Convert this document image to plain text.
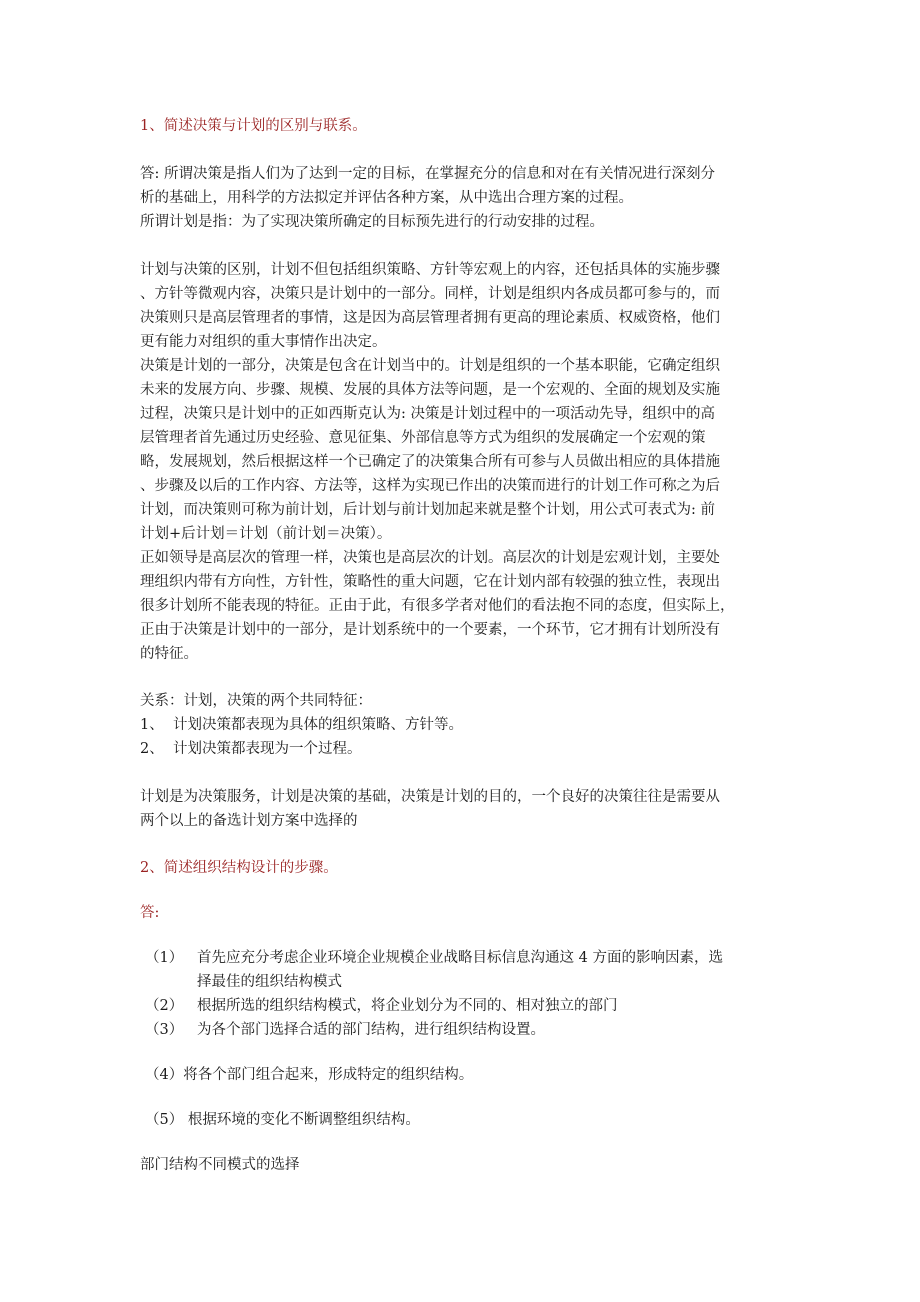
1、简述决策与计划的区别与联系。

答: 所谓决策是指人们为了达到一定的目标，在掌握充分的信息和对在有关情况进行深刻分
析的基础上，用科学的方法拟定并评估各种方案，从中选出合理方案的过程。
所谓计划是指：为了实现决策所确定的目标预先进行的行动安排的过程。
计划与决策的区别，计划不但包括组织策略、方针等宏观上的内容，还包括具体的实施步骤
、方针等微观内容，决策只是计划中的一部分。同样，计划是组织内各成员都可参与的，而
决策则只是高层管理者的事情，这是因为高层管理者拥有更高的理论素质、权威资格，他们
更有能力对组织的重大事情作出决定。
决策是计划的一部分，决策是包含在计划当中的。计划是组织的一个基本职能，它确定组织
未来的发展方向、步骤、规模、发展的具体方法等问题，是一个宏观的、全面的规划及实施
过程，决策只是计划中的正如西斯克认为: 决策是计划过程中的一项活动先导，组织中的高
层管理者首先通过历史经验、意见征集、外部信息等方式为组织的发展确定一个宏观的策
略，发展规划，然后根据这样一个已确定了的决策集合所有可参与人员做出相应的具体措施
、步骤及以后的工作内容、方法等，这样为实现已作出的决策而进行的计划工作可称之为后
计划，而决策则可称为前计划，后计划与前计划加起来就是整个计划，用公式可表式为: 前
计划+后计划＝计划（前计划＝决策）。
正如领导是高层次的管理一样，决策也是高层次的计划。高层次的计划是宏观计划，主要处
理组织内带有方向性，方针性，策略性的重大问题，它在计划内部有较强的独立性，表现出
很多计划所不能表现的特征。正由于此，有很多学者对他们的看法抱不同的态度，但实际上，
正由于决策是计划中的一部分，是计划系统中的一个要素，一个环节，它才拥有计划所没有
的特征。

关系：计划，决策的两个共同特征：

1、 计划决策都表现为具体的组织策略、方针等。
2、 计划决策都表现为一个过程。
计划是为决策服务，计划是决策的基础，决策是计划的目的，一个良好的决策往往是需要从
两个以上的备选计划方案中选择的

2、简述组织结构设计的步骤。

答:

（1） 首先应充分考虑企业环境企业规模企业战略目标信息沟通这 4 方面的影响因素，选
择最佳的组织结构模式
（2） 根据所选的组织结构模式，将企业划分为不同的、相对独立的部门
（3） 为各个部门选择合适的部门结构，进行组织结构设置。

（4）将各个部门组合起来，形成特定的组织结构。

（5） 根据环境的变化不断调整组织结构。

部门结构不同模式的选择
